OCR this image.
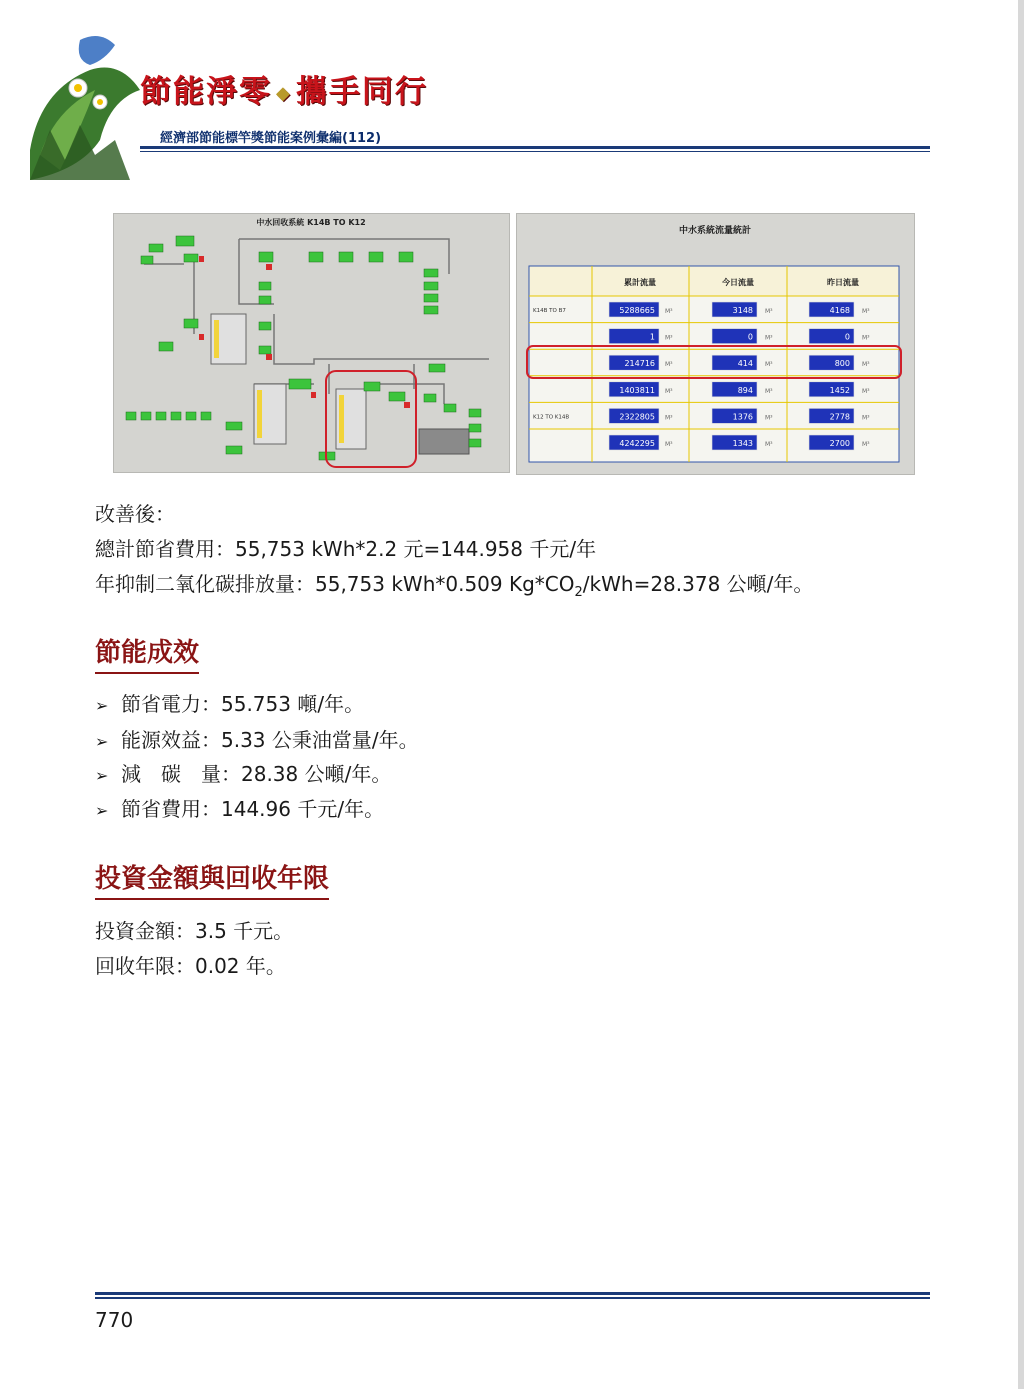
節能淨零 ◆ 攜手同行
經濟部節能標竿獎節能案例彙編(112)
中水回收系統 K14B TO K12
中水系統流量統計
累計流量	今日流量	昨日流量
K14B TO B7	5288665 M³	3148 M³	4168 M³
1 M³	0 M³	0 M³
214716 M³	414 M³	800 M³
1403811 M³	894 M³	1452 M³
K12 TO K14B	2322805 M³	1376 M³	2778 M³
4242295 M³	1343 M³	2700 M³
改善後：
總計節省費用：55,753 kWh*2.2 元=144.958 千元/年
年抑制二氧化碳排放量：55,753 kWh*0.509 $Kg*CO_2/kWh=28.378$ 公噸/年。
節能成效
➢ 節省電力：55.753 噸/年。
➢ 能源效益：5.33 公秉油當量/年。
➢ 減　碳　量：28.38 公噸/年。
➢ 節省費用：144.96 千元/年。
投資金額與回收年限
投資金額：3.5 千元。
回收年限：0.02 年。
770
